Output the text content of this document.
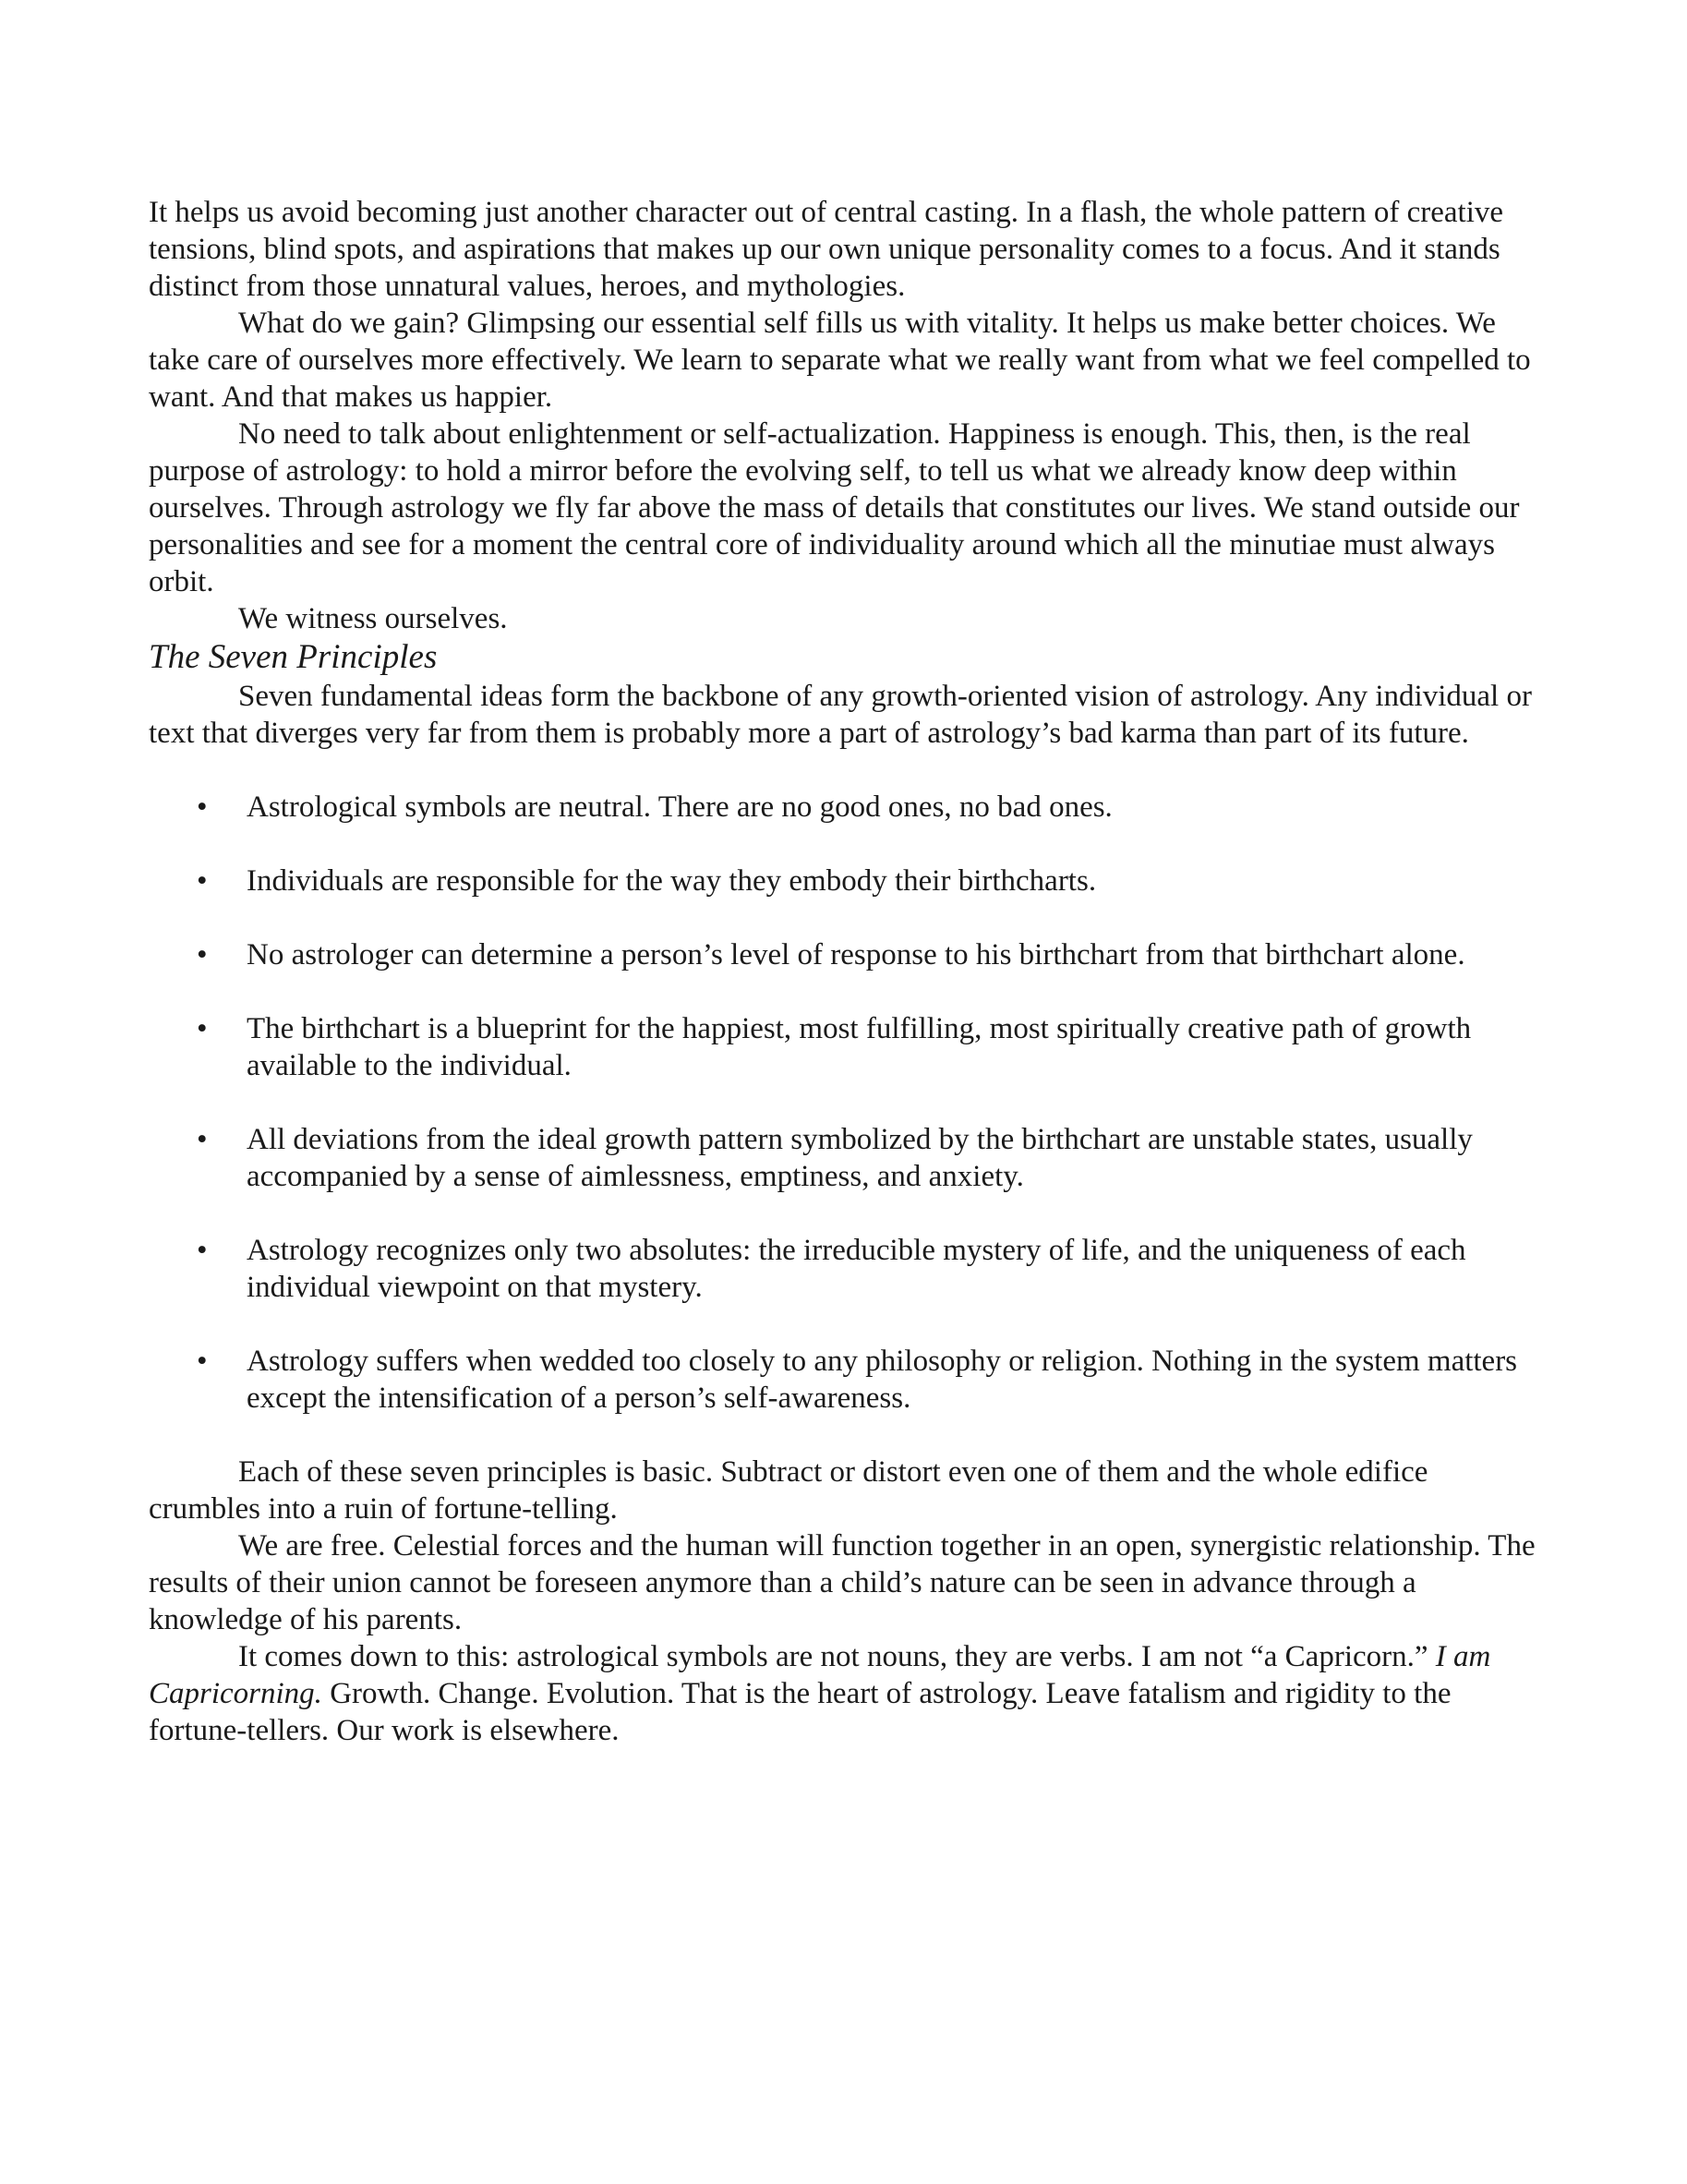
It helps us avoid becoming just another character out of central casting. In a flash, the whole pattern of creative tensions, blind spots, and aspirations that makes up our own unique personality comes to a focus. And it stands distinct from those unnatural values, heroes, and mythologies.

What do we gain? Glimpsing our essential self fills us with vitality. It helps us make better choices. We take care of ourselves more effectively. We learn to separate what we really want from what we feel compelled to want. And that makes us happier.

No need to talk about enlightenment or self-actualization. Happiness is enough. This, then, is the real purpose of astrology: to hold a mirror before the evolving self, to tell us what we already know deep within ourselves. Through astrology we fly far above the mass of details that constitutes our lives. We stand outside our personalities and see for a moment the central core of individuality around which all the minutiae must always orbit.

We witness ourselves.

The Seven Principles

Seven fundamental ideas form the backbone of any growth-oriented vision of astrology. Any individual or text that diverges very far from them is probably more a part of astrology’s bad karma than part of its future.

• Astrological symbols are neutral. There are no good ones, no bad ones.
• Individuals are responsible for the way they embody their birthcharts.
• No astrologer can determine a person’s level of response to his birthchart from that birthchart alone.
• The birthchart is a blueprint for the happiest, most fulfilling, most spiritually creative path of growth available to the individual.
• All deviations from the ideal growth pattern symbolized by the birthchart are unstable states, usually accompanied by a sense of aimlessness, emptiness, and anxiety.
• Astrology recognizes only two absolutes: the irreducible mystery of life, and the uniqueness of each individual viewpoint on that mystery.
• Astrology suffers when wedded too closely to any philosophy or religion. Nothing in the system matters except the intensification of a person’s self-awareness.

Each of these seven principles is basic. Subtract or distort even one of them and the whole edifice crumbles into a ruin of fortune-telling.

We are free. Celestial forces and the human will function together in an open, synergistic relationship. The results of their union cannot be foreseen anymore than a child’s nature can be seen in advance through a knowledge of his parents.

It comes down to this: astrological symbols are not nouns, they are verbs. I am not “a Capricorn.” I am Capricorning. Growth. Change. Evolution. That is the heart of astrology. Leave fatalism and rigidity to the fortune-tellers. Our work is elsewhere.
